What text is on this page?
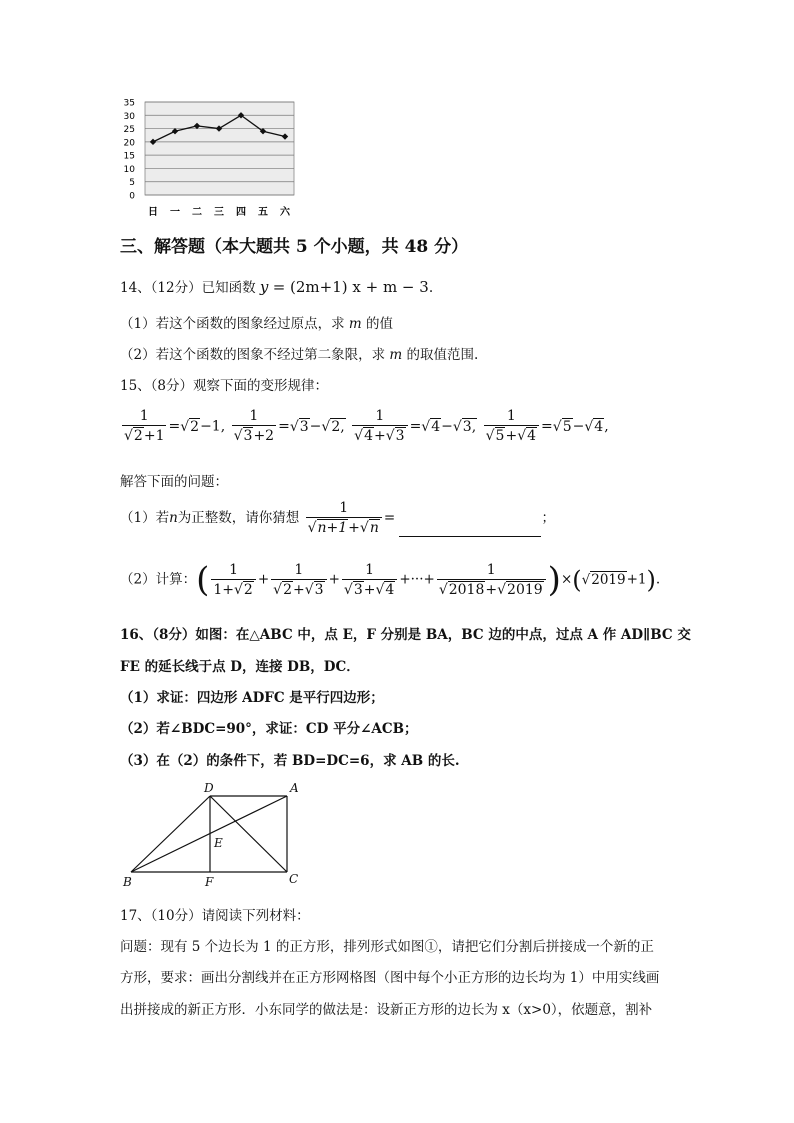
35
30
25
20
15
10
5
0
日 一 二 三 四 五 六
三、解答题（本大题共 5 个小题，共 48 分）
14、（12分）已知函数 y = (2m+1) x + m − 3.
（1）若这个函数的图象经过原点，求 m 的值
（2）若这个函数的图象不经过第二象限，求 m 的取值范围.
15、（8分）观察下面的变形规律：
$\frac{1}{√2+1} =√2-1$, $\frac{1}{√3+2} =√3-√2$, $\frac{1}{√4+√3} =√4-√3$, $\frac{1}{√5+√4} =√5-√4$,
解答下面的问题：
（1）若n为正整数，请你猜想 $\frac{1}{√n+1+√n}$ =	；
（2）计算：( $\frac{1}{1+√2} + \frac{1}{√2+√3} + \frac{1}{√3+√4}$ +···+ $\frac{1}{√2018+√2019} )\times(√2019+1)$.
16、（8分）如图：在△ABC 中，点 E，F 分别是 BA，BC 边的中点，过点 A 作 AD∥BC 交
FE 的延长线于点 D，连接 DB，DC．
（1）求证：四边形 ADFC 是平行四边形；
（2）若∠BDC=90°，求证：CD 平分∠ACB；
（3）在（2）的条件下，若 BD=DC=6，求 AB 的长.
D	A
E
B	F	C
17、（10分）请阅读下列材料：
问题：现有 5 个边长为 1 的正方形，排列形式如图①，请把它们分割后拼接成一个新的正
方形，要求：画出分割线并在正方形网格图（图中每个小正方形的边长均为 1）中用实线画
出拼接成的新正方形．小东同学的做法是：设新正方形的边长为 x（x>0），依题意，割补
